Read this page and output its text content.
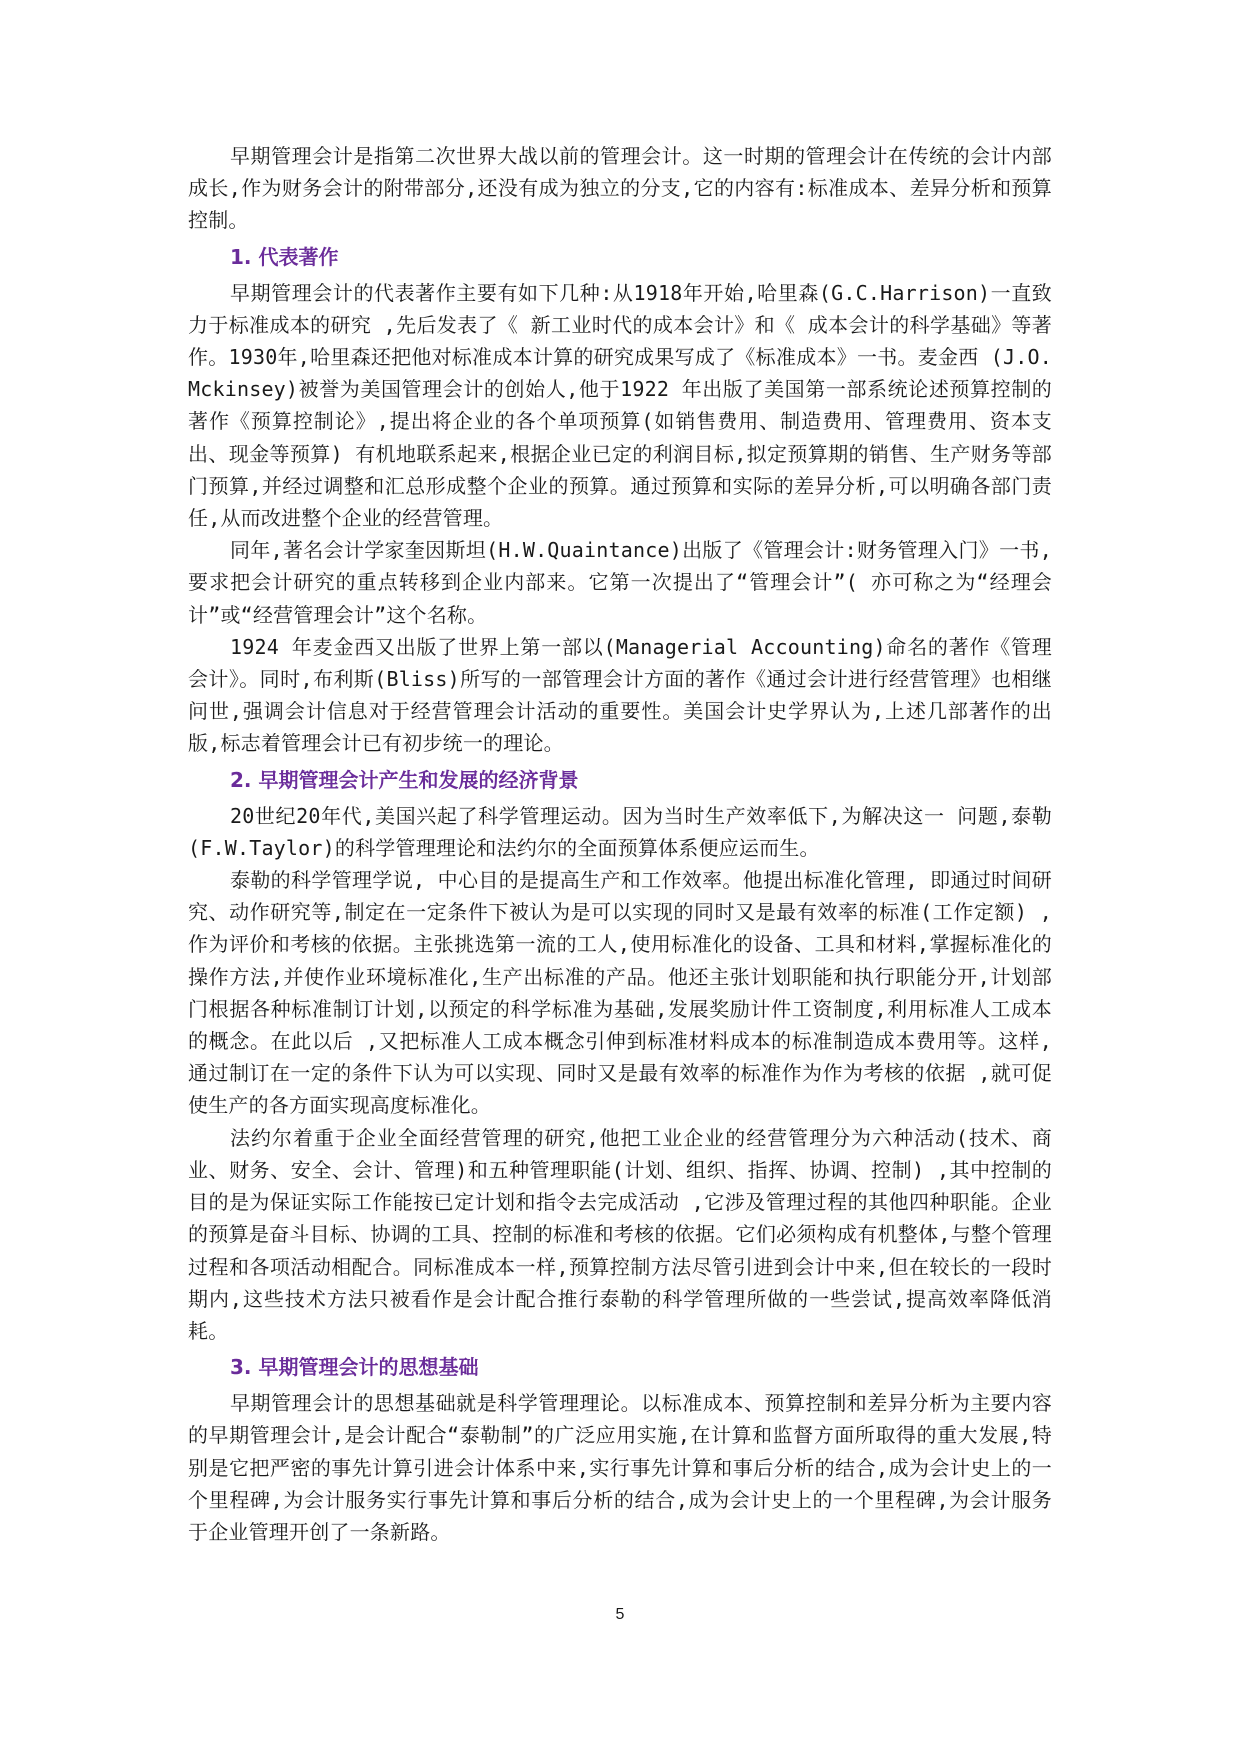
早期管理会计是指第二次世界大战以前的管理会计。这一时期的管理会计在传统的会计内部成长,作为财务会计的附带部分,还没有成为独立的分支,它的内容有:标准成本、差异分析和预算控制。

1. 代表著作

早期管理会计的代表著作主要有如下几种:从1918年开始,哈里森(G.C.Harrison)一直致力于标准成本的研究 ,先后发表了《 新工业时代的成本会计》和《 成本会计的科学基础》等著作。1930年,哈里森还把他对标准成本计算的研究成果写成了《标准成本》一书。麦金西 (J.O.Mckinsey)被誉为美国管理会计的创始人,他于1922 年出版了美国第一部系统论述预算控制的著作《预算控制论》,提出将企业的各个单项预算(如销售费用、制造费用、管理费用、资本支出、现金等预算) 有机地联系起来,根据企业已定的利润目标,拟定预算期的销售、生产财务等部门预算,并经过调整和汇总形成整个企业的预算。通过预算和实际的差异分析,可以明确各部门责任,从而改进整个企业的经营管理。

同年,著名会计学家奎因斯坦(H.W.Quaintance)出版了《管理会计:财务管理入门》一书,要求把会计研究的重点转移到企业内部来。它第一次提出了“管理会计”( 亦可称之为“经理会计”或“经营管理会计”这个名称。

1924 年麦金西又出版了世界上第一部以(Managerial Accounting)命名的著作《管理会计》。同时,布利斯(Bliss)所写的一部管理会计方面的著作《通过会计进行经营管理》也相继问世,强调会计信息对于经营管理会计活动的重要性。美国会计史学界认为,上述几部著作的出版,标志着管理会计已有初步统一的理论。

2. 早期管理会计产生和发展的经济背景

20世纪20年代,美国兴起了科学管理运动。因为当时生产效率低下,为解决这一 问题,泰勒(F.W.Taylor)的科学管理理论和法约尔的全面预算体系便应运而生。

泰勒的科学管理学说, 中心目的是提高生产和工作效率。他提出标准化管理, 即通过时间研究、动作研究等,制定在一定条件下被认为是可以实现的同时又是最有效率的标准(工作定额) ,作为评价和考核的依据。主张挑选第一流的工人,使用标准化的设备、工具和材料,掌握标准化的操作方法,并使作业环境标准化,生产出标准的产品。他还主张计划职能和执行职能分开,计划部门根据各种标准制订计划,以预定的科学标准为基础,发展奖励计件工资制度,利用标准人工成本的概念。在此以后 ,又把标准人工成本概念引伸到标准材料成本的标准制造成本费用等。这样,通过制订在一定的条件下认为可以实现、同时又是最有效率的标准作为作为考核的依据 ,就可促使生产的各方面实现高度标准化。

法约尔着重于企业全面经营管理的研究,他把工业企业的经营管理分为六种活动(技术、商业、财务、安全、会计、管理)和五种管理职能(计划、组织、指挥、协调、控制) ,其中控制的目的是为保证实际工作能按已定计划和指令去完成活动 ,它涉及管理过程的其他四种职能。企业的预算是奋斗目标、协调的工具、控制的标准和考核的依据。它们必须构成有机整体,与整个管理过程和各项活动相配合。同标准成本一样,预算控制方法尽管引进到会计中来,但在较长的一段时期内,这些技术方法只被看作是会计配合推行泰勒的科学管理所做的一些尝试,提高效率降低消耗。

3. 早期管理会计的思想基础

早期管理会计的思想基础就是科学管理理论。以标准成本、预算控制和差异分析为主要内容的早期管理会计,是会计配合“泰勒制”的广泛应用实施,在计算和监督方面所取得的重大发展,特别是它把严密的事先计算引进会计体系中来,实行事先计算和事后分析的结合,成为会计史上的一个里程碑,为会计服务实行事先计算和事后分析的结合,成为会计史上的一个里程碑,为会计服务于企业管理开创了一条新路。

5
